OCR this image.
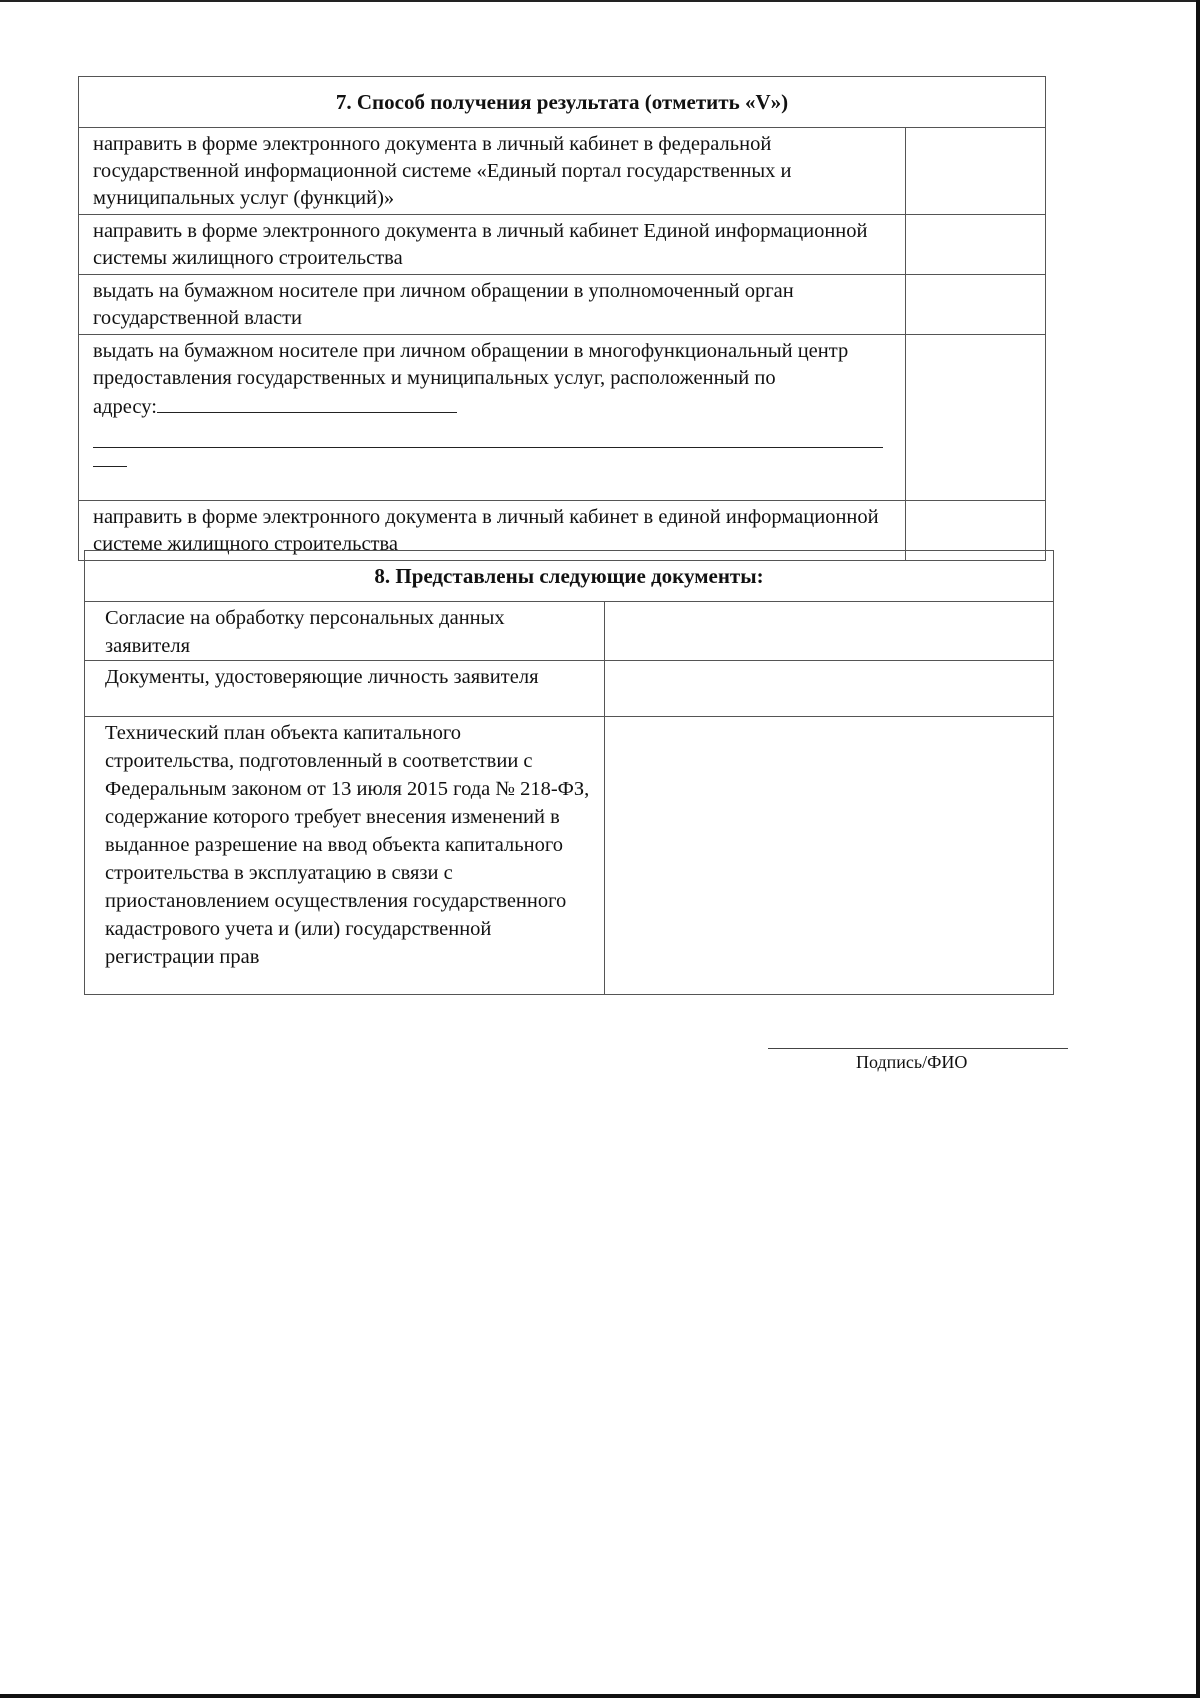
7. Способ получения результата (отметить «V»)	
направить в форме электронного документа в личный кабинет в федеральной государственной информационной системе «Единый портал государственных и муниципальных услуг (функций)»	
направить в форме электронного документа в личный кабинет Единой информационной системы жилищного строительства	
выдать на бумажном носителе при личном обращении в уполномоченный орган государственной власти	
выдать на бумажном носителе при личном обращении в многофункциональный центр предоставления государственных и муниципальных услуг, расположенный по
адресу:

направить в форме электронного документа в личный кабинет в единой информационной системе жилищного строительства	
8. Представлены следующие документы:	
Согласие на обработку персональных данных заявителя	
Документы, удостоверяющие личность заявителя	
Технический план объекта капитального строительства, подготовленный в соответствии с Федеральным законом от 13 июля 2015 года № 218-ФЗ, содержание которого требует внесения изменений в выданное разрешение на ввод объекта капитального строительства в эксплуатацию в связи с приостановлением осуществления государственного кадастрового учета и (или) государственной регистрации прав	
Подпись/ФИО
